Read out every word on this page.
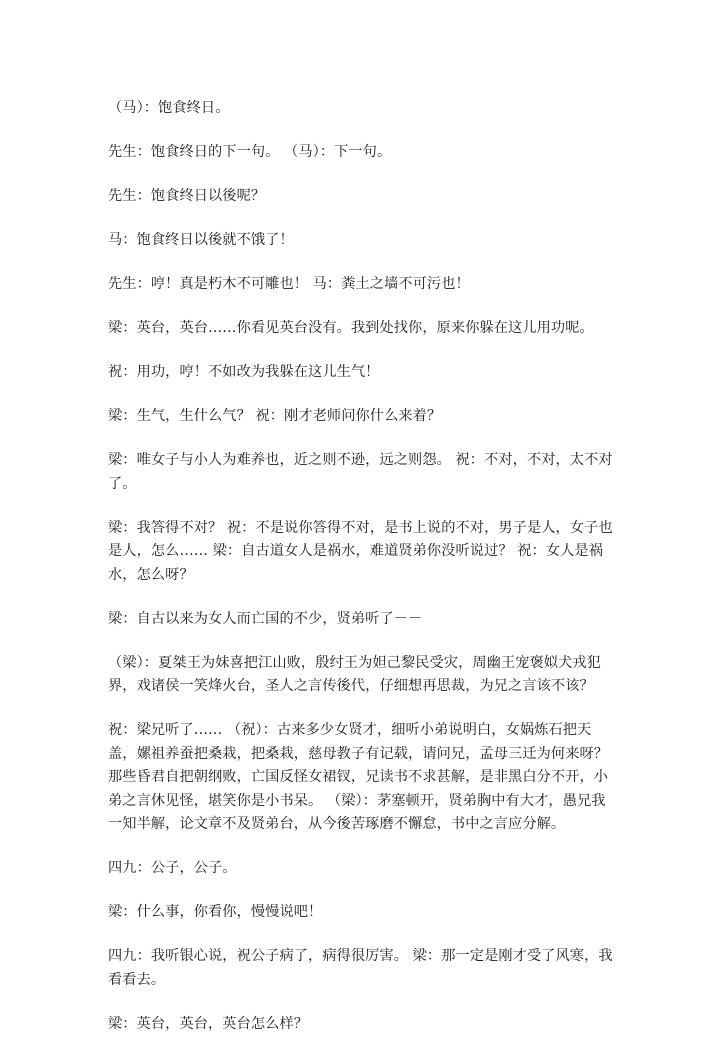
（马）：饱食终日。

先生：饱食终日的下一句。 （马）：下一句。

先生：饱食终日以後呢？

马：饱食终日以後就不饿了！

先生：哼！真是朽木不可雕也！ 马：粪土之墙不可污也！

梁：英台，英台……你看见英台没有。我到处找你，原来你躲在这儿用功呢。

祝：用功，哼！不如改为我躲在这儿生气！

梁：生气，生什么气？ 祝：刚才老师问你什么来着？

梁：唯女子与小人为难养也，近之则不逊，远之则怨。 祝：不对，不对，太不对了。

梁：我答得不对？ 祝：不是说你答得不对，是书上说的不对，男子是人，女子也是人，怎么…… 梁：自古道女人是祸水，难道贤弟你没听说过？ 祝：女人是祸水，怎么呀？

梁：自古以来为女人而亡国的不少，贤弟听了－－

（梁）：夏桀王为妹喜把江山败，殷纣王为妲己黎民受灾，周幽王宠褒姒犬戎犯界，戏诸侯一笑烽火台，圣人之言传後代，仔细想再思裁，为兄之言该不该？

祝：梁兄听了…… （祝）：古来多少女贤才，细听小弟说明白，女娲炼石把天盖，嫘祖养蚕把桑栽，把桑栽，慈母教子有记载，请问兄，孟母三迁为何来呀？那些昏君自把朝纲败，亡国反怪女裙钗，兄读书不求甚解，是非黑白分不开，小弟之言休见怪，堪笑你是小书呆。 （梁）：茅塞顿开，贤弟胸中有大才，愚兄我一知半解，论文章不及贤弟台，从今後苦琢磨不懈怠，书中之言应分解。

四九：公子，公子。

梁：什么事，你看你，慢慢说吧！

四九：我听银心说，祝公子病了，病得很厉害。 梁：那一定是刚才受了风寒，我看看去。

梁：英台，英台，英台怎么样？
